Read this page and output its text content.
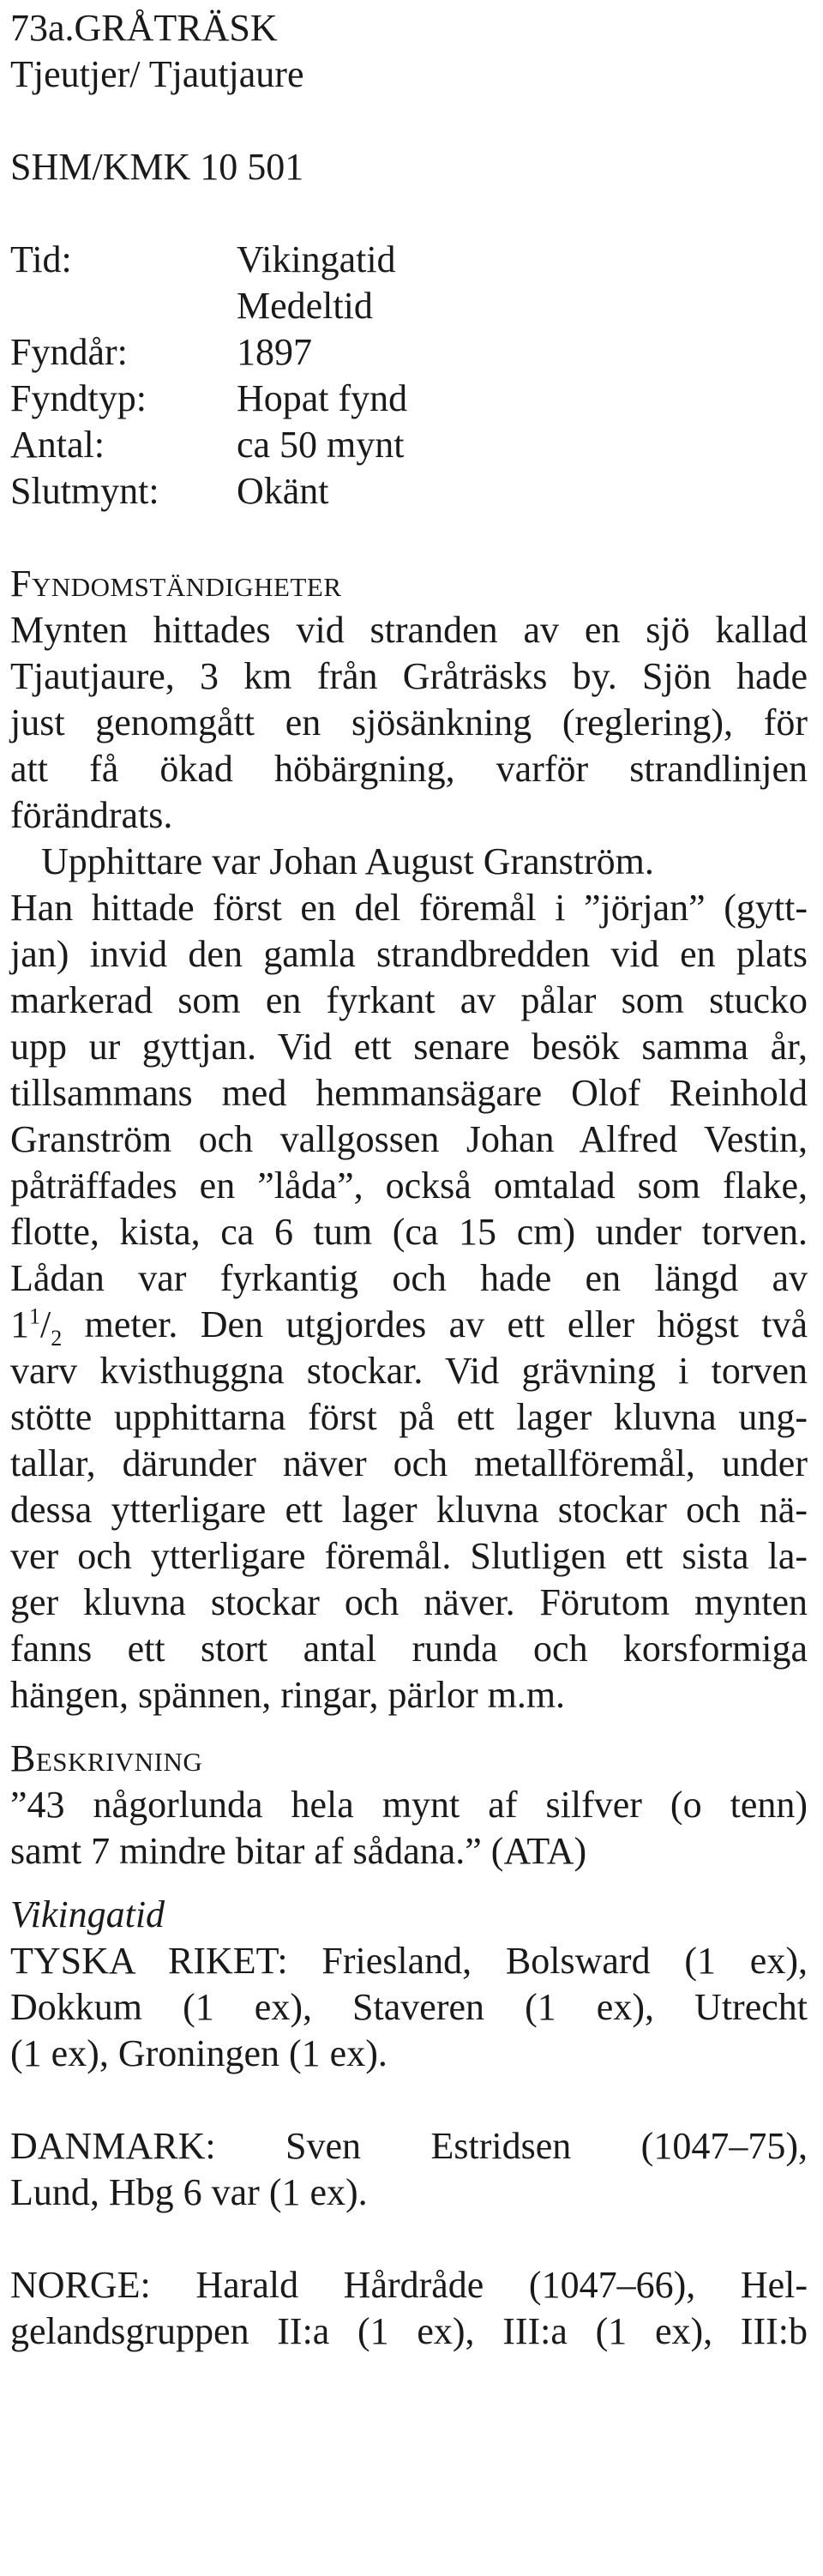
73a.GRÅTRÄSK

Tjeutjer/ Tjautjaure

SHM/KMK 10 501

Tid:	Vikingatid
Medeltid
Fyndår:	1897
Fyndtyp:	Hopat fynd
Antal:	ca 50 mynt
Slutmynt:	Okänt

Fyndomständigheter

Mynten hittades vid stranden av en sjö kallad

Tjautjaure, 3 km från Gråträsks by. Sjön hade

just genomgått en sjösänkning (reglering), för

att få ökad höbärgning, varför strandlinjen

förändrats.

Upphittare var Johan August Granström.

Han hittade först en del föremål i ”jörjan” (gytt-

jan) invid den gamla strandbredden vid en plats

markerad som en fyrkant av pålar som stucko

upp ur gyttjan. Vid ett senare besök samma år,

tillsammans med hemmansägare Olof Reinhold

Granström och vallgossen Johan Alfred Vestin,

påträffades en ”låda”, också omtalad som flake,

flotte, kista, ca 6 tum (ca 15 cm) under torven.

Lådan var fyrkantig och hade en längd av

$1^1/_2$ meter. Den utgjordes av ett eller högst två

varv kvisthuggna stockar. Vid grävning i torven

stötte upphittarna först på ett lager kluvna ung-

tallar, därunder näver och metallföremål, under

dessa ytterligare ett lager kluvna stockar och nä-

ver och ytterligare föremål. Slutligen ett sista la-

ger kluvna stockar och näver. Förutom mynten

fanns ett stort antal runda och korsformiga

hängen, spännen, ringar, pärlor m.m.

Beskrivning

”43 någorlunda hela mynt af silfver (o tenn)

samt 7 mindre bitar af sådana.” (ATA)

Vikingatid

TYSKA RIKET: Friesland, Bolsward (1 ex),

Dokkum (1 ex), Staveren (1 ex), Utrecht

(1 ex), Groningen (1 ex).

DANMARK: Sven Estridsen (1047–75),

Lund, Hbg 6 var (1 ex).

NORGE: Harald Hårdråde (1047–66), Hel-

gelandsgruppen II:a (1 ex), III:a (1 ex), III:b
